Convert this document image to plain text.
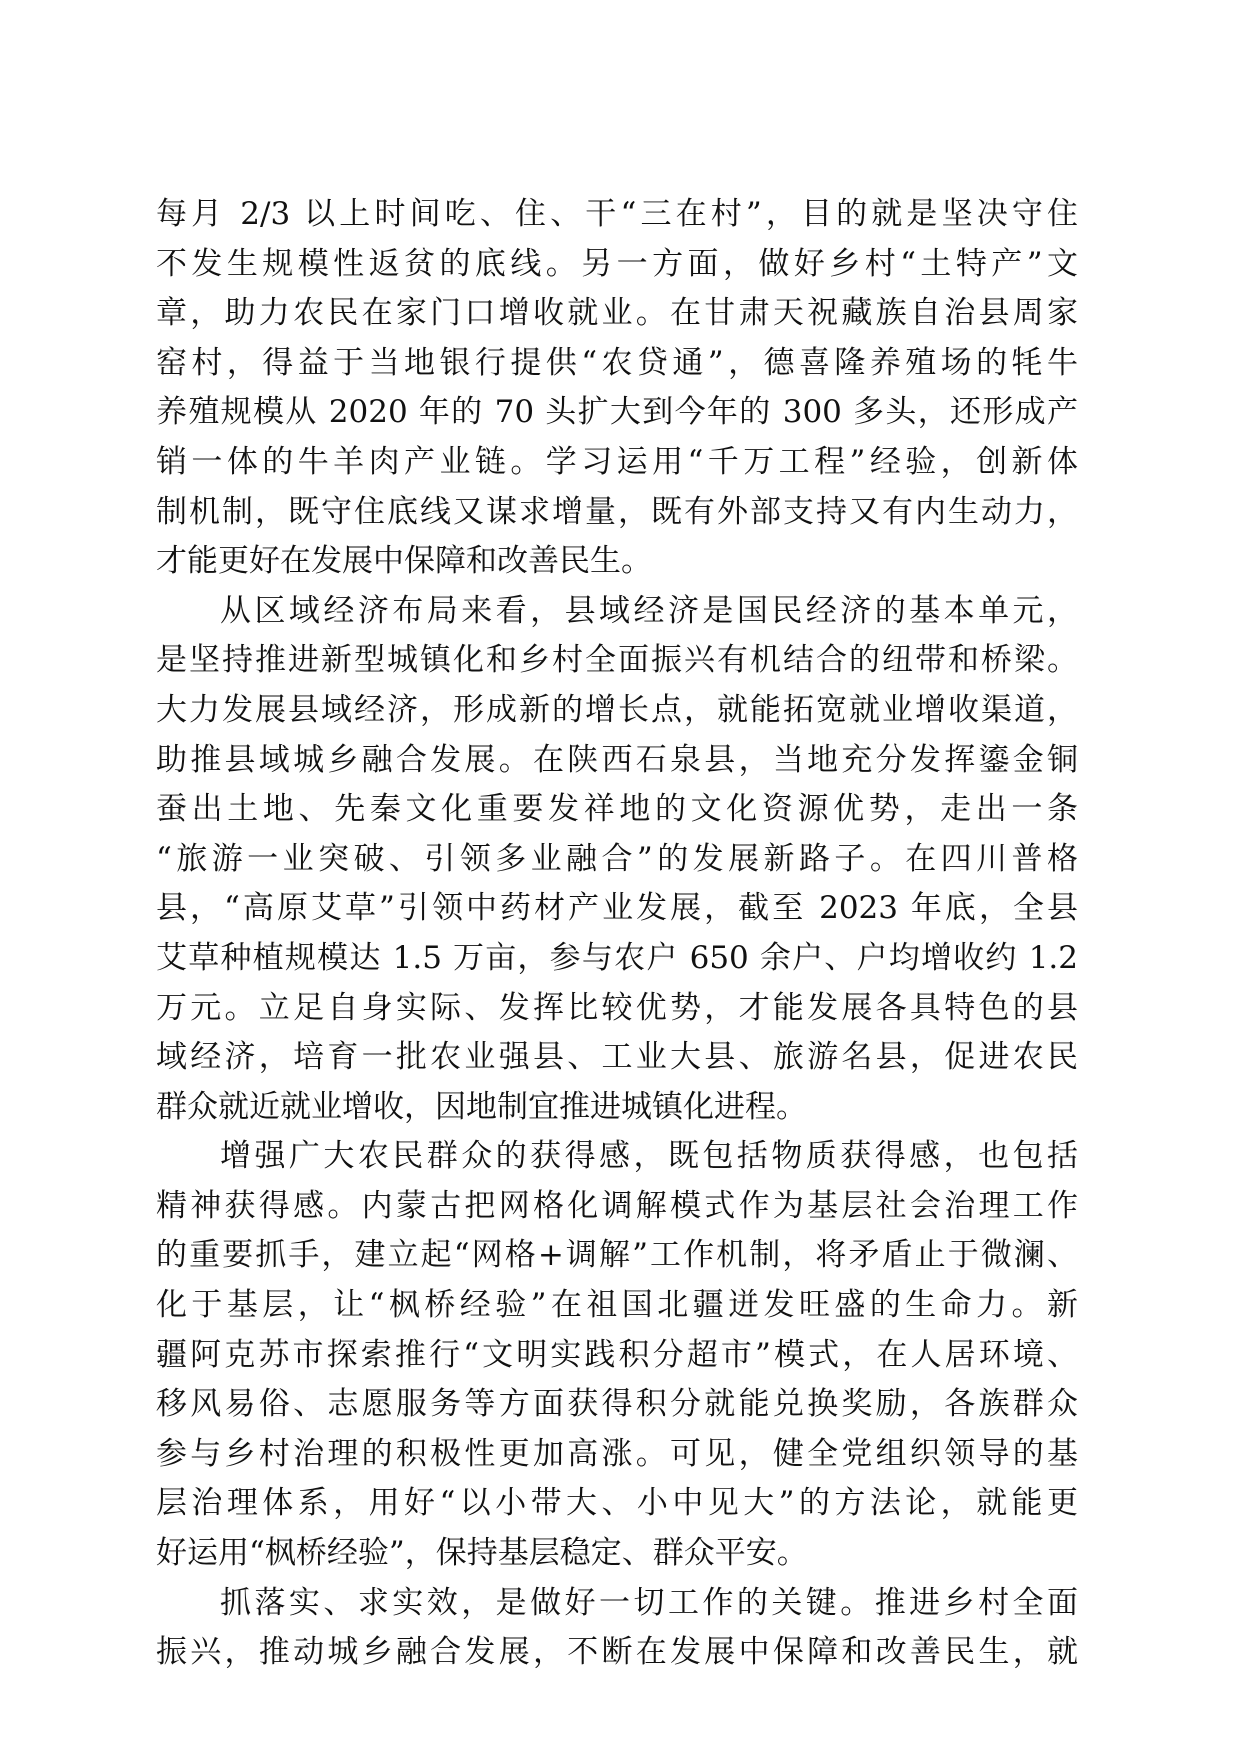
每月 2/3 以上时间吃、住、干“三在村”，目的就是坚决守住
不发生规模性返贫的底线。另一方面，做好乡村“土特产”文
章，助力农民在家门口增收就业。在甘肃天祝藏族自治县周家
窑村，得益于当地银行提供“农贷通”，德喜隆养殖场的牦牛
养殖规模从 2020 年的 70 头扩大到今年的 300 多头，还形成产
销一体的牛羊肉产业链。学习运用“千万工程”经验，创新体
制机制，既守住底线又谋求增量，既有外部支持又有内生动力，
才能更好在发展中保障和改善民生。
从区域经济布局来看，县域经济是国民经济的基本单元，
是坚持推进新型城镇化和乡村全面振兴有机结合的纽带和桥梁。
大力发展县域经济，形成新的增长点，就能拓宽就业增收渠道，
助推县域城乡融合发展。在陕西石泉县，当地充分发挥鎏金铜
蚕出土地、先秦文化重要发祥地的文化资源优势，走出一条
“旅游一业突破、引领多业融合”的发展新路子。在四川普格
县，“高原艾草”引领中药材产业发展，截至 2023 年底，全县
艾草种植规模达 1.5 万亩，参与农户 650 余户、户均增收约 1.2
万元。立足自身实际、发挥比较优势，才能发展各具特色的县
域经济，培育一批农业强县、工业大县、旅游名县，促进农民
群众就近就业增收，因地制宜推进城镇化进程。
增强广大农民群众的获得感，既包括物质获得感，也包括
精神获得感。内蒙古把网格化调解模式作为基层社会治理工作
的重要抓手，建立起“网格+调解”工作机制，将矛盾止于微澜、
化于基层，让“枫桥经验”在祖国北疆迸发旺盛的生命力。新
疆阿克苏市探索推行“文明实践积分超市”模式，在人居环境、
移风易俗、志愿服务等方面获得积分就能兑换奖励，各族群众
参与乡村治理的积极性更加高涨。可见，健全党组织领导的基
层治理体系，用好“以小带大、小中见大”的方法论，就能更
好运用“枫桥经验”，保持基层稳定、群众平安。
抓落实、求实效，是做好一切工作的关键。推进乡村全面
振兴，推动城乡融合发展，不断在发展中保障和改善民生，就
